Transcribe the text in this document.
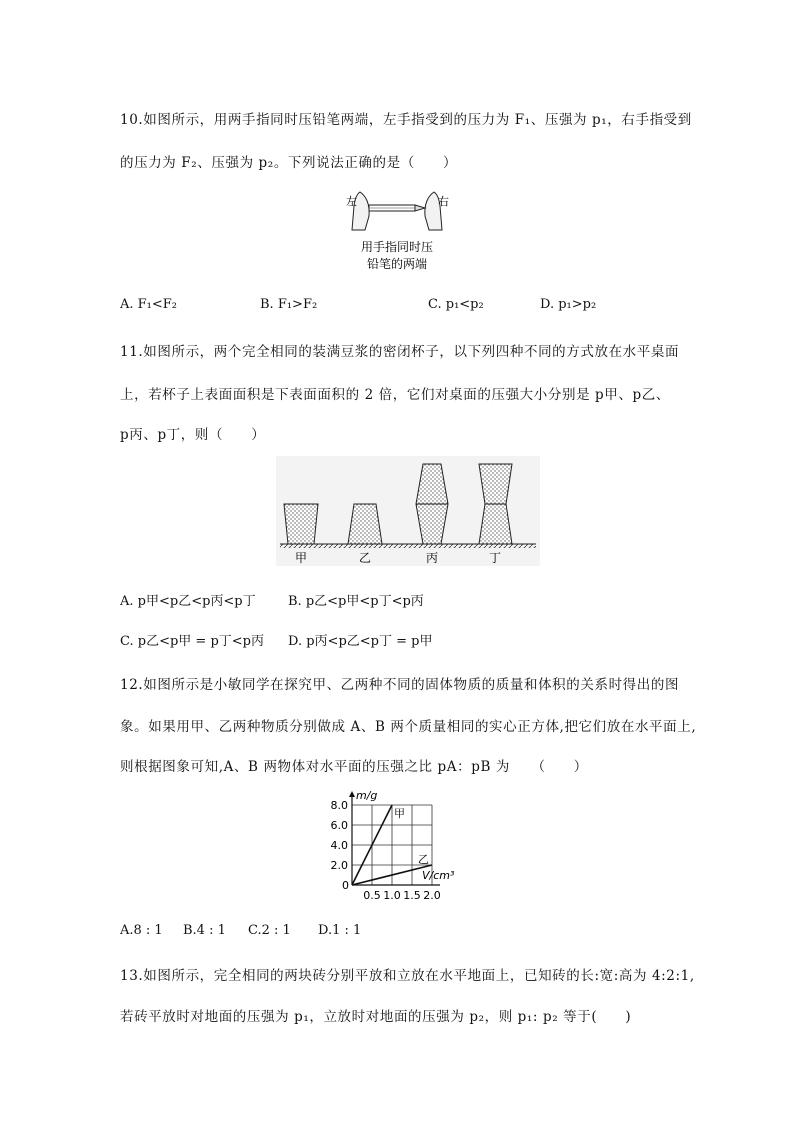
10.如图所示，用两手指同时压铅笔两端，左手指受到的压力为 F₁、压强为 p₁，右手指受到
的压力为 F₂、压强为 p₂。下列说法正确的是（　　）
左	右
用手指同时压
铅笔的两端
A. F₁<F₂	B. F₁>F₂	C. p₁<p₂	D. p₁>p₂
11.如图所示，两个完全相同的装满豆浆的密闭杯子，以下列四种不同的方式放在水平桌面
上，若杯子上表面面积是下表面面积的 2 倍，它们对桌面的压强大小分别是 p甲、p乙、
p丙、p丁，则（　　）
甲	乙	丙	丁
A. p甲<p乙<p丙<p丁 B. p乙<p甲<p丁<p丙
C. p乙<p甲 = p丁<p丙 D. p丙<p乙<p丁 = p甲
12.如图所示是小敏同学在探究甲、乙两种不同的固体物质的质量和体积的关系时得出的图
象。如果用甲、乙两种物质分别做成 A、B 两个质量相同的实心正方体,把它们放在水平面上,
则根据图象可知,A、B 两物体对水平面的压强之比 pA：pB 为　　（　　）
m/g
V/cm³
0
2.0
4.0
6.0
8.0
0.5 1.0 1.5 2.0
甲
乙
A.8 : 1 B.4 : 1 C.2 : 1 D.1 : 1
13.如图所示，完全相同的两块砖分别平放和立放在水平地面上，已知砖的长:宽:高为 4:2:1,
若砖平放时对地面的压强为 p₁，立放时对地面的压强为 p₂，则 p₁: p₂ 等于(　　)
